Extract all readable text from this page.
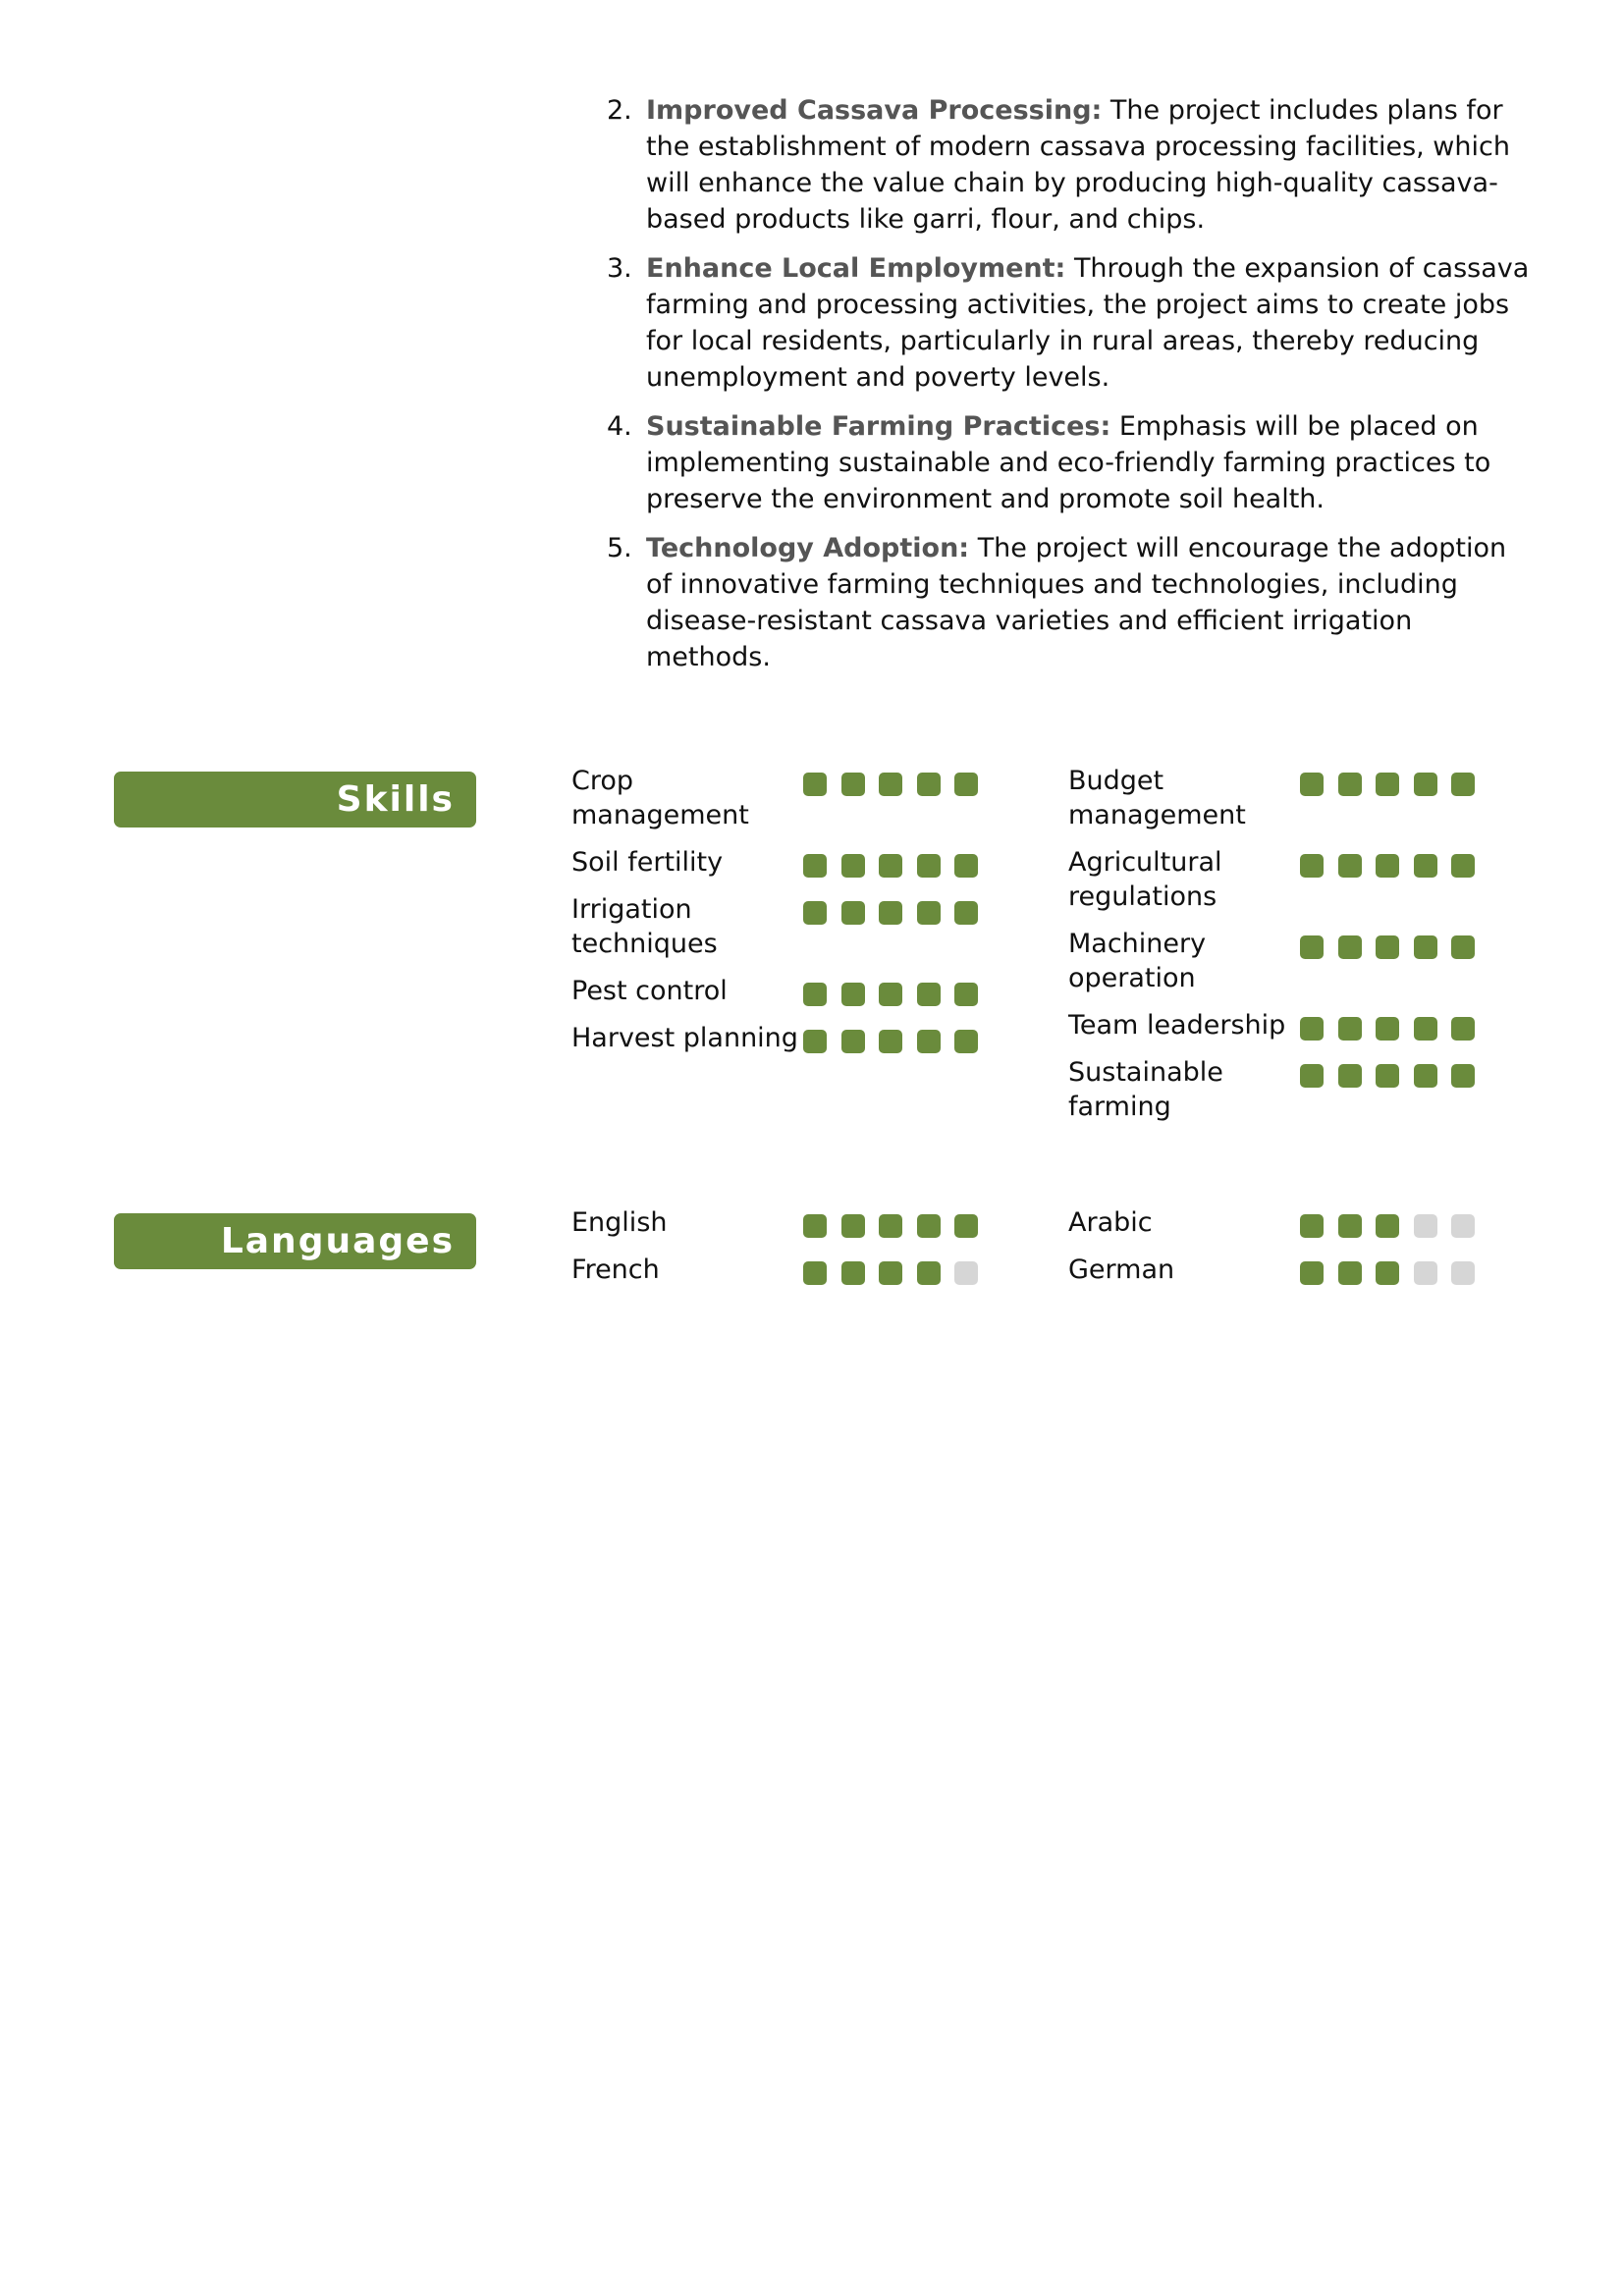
2. Improved Cassava Processing: The project includes plans for the establishment of modern cassava processing facilities, which will enhance the value chain by producing high-quality cassava-based products like garri, flour, and chips.
3. Enhance Local Employment: Through the expansion of cassava farming and processing activities, the project aims to create jobs for local residents, particularly in rural areas, thereby reducing unemployment and poverty levels.
4. Sustainable Farming Practices: Emphasis will be placed on implementing sustainable and eco-friendly farming practices to preserve the environment and promote soil health.
5. Technology Adoption: The project will encourage the adoption of innovative farming techniques and technologies, including disease-resistant cassava varieties and efficient irrigation methods.
Skills	Crop management
Soil fertility
Irrigation techniques
Pest control
Harvest planning
Budget management
Agricultural regulations
Machinery operation
Team leadership
Sustainable farming
Languages	English
French
Arabic
German
